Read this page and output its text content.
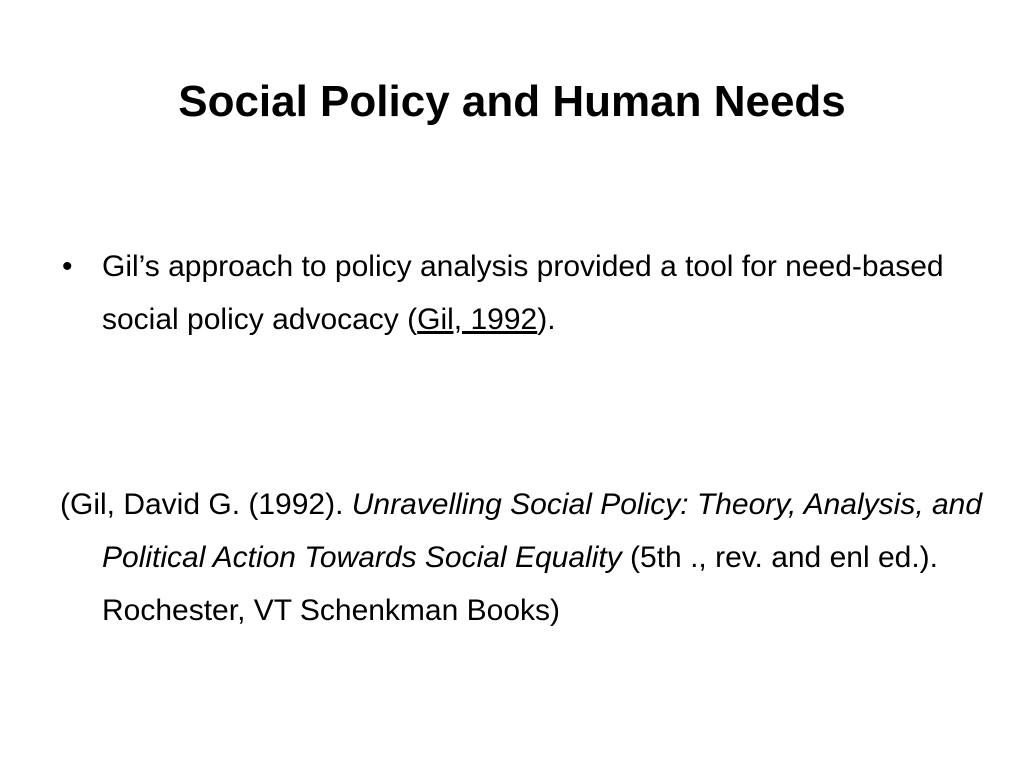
Social Policy and Human Needs

• Gil’s approach to policy analysis provided a tool for need-based social policy advocacy (Gil, 1992).

(Gil, David G. (1992). Unravelling Social Policy: Theory, Analysis, and Political Action Towards Social Equality (5th ., rev. and enl ed.). Rochester, VT Schenkman Books)
